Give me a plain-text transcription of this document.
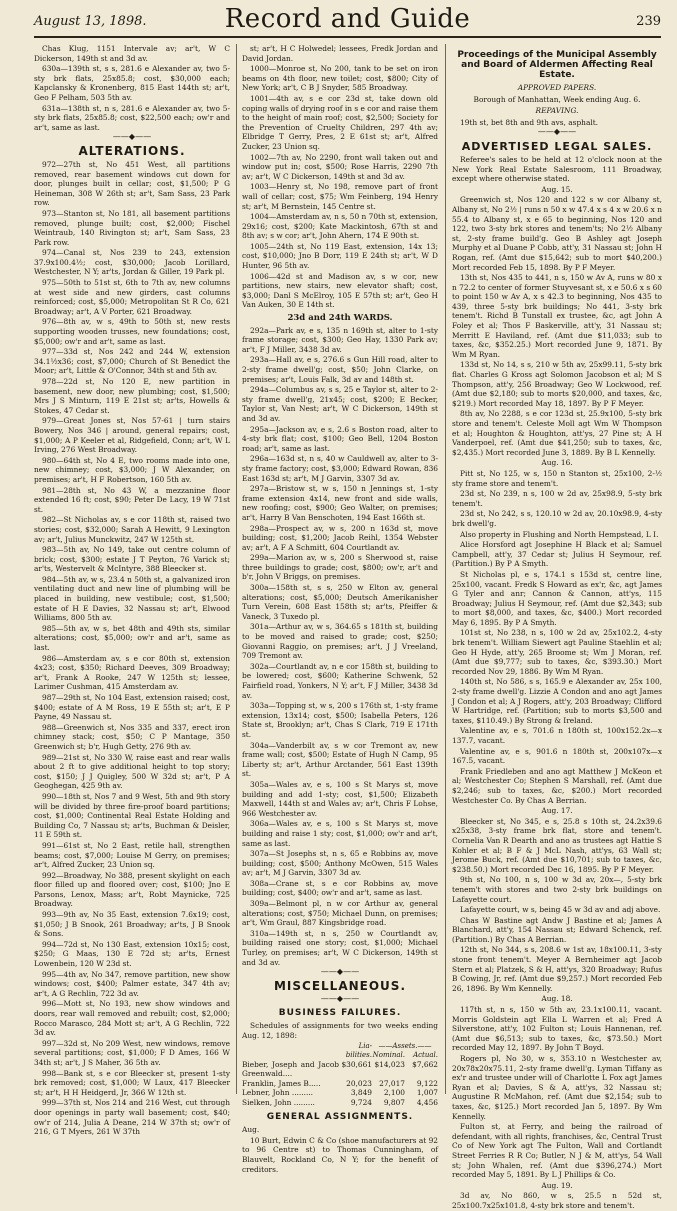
August 13, 1898.	Record and Guide	239

Chas Klug, 1151 Intervale av; ar't, W C Dickerson, 149th st and 3d av.

630a—139th st, s s, 281.6 e Alexander av, two 5-sty brk flats, 25x85.8; cost, $30,000 each; Kapclansky & Kronenberg, 815 East 144th st; ar't, Geo F Pelham, 503 5th av.

631a—138th st, n s, 281.6 e Alexander av, two 5-sty brk flats, 25x85.8; cost, $22,500 each; ow'r and ar't, same as last.

——◆——
ALTERATIONS.

972—27th st, No 451 West, all partitions removed, rear basement windows cut down for door, plunges built in cellar; cost, $1,500; P G Heineman, 308 W 26th st; ar't, Sam Sass, 23 Park row.

973—Stanton st, No 181, all basement partitions removed, plunge built; cost, $2,000; Fischel Weintraub, 140 Rivington st; ar't, Sam Sass, 23 Park row.

974—Canal st, Nos 239 to 243, extension 37.9x100.4½; cost, $30,000; Jacob Lorillard, Westchester, N Y; ar'ts, Jordan & Giller, 19 Park pl.

975—50th to 51st st, 6th to 7th av, new columns at west side and new girders, cast columns reinforced; cost, $5,000; Metropolitan St R Co, 621 Broadway; ar't, A V Porter, 621 Broadway.

976—8th av, w s, 49th to 50th st, new rests supporting wooden trusses, new foundations; cost, $5,000; ow'r and ar't, same as last.

977—33d st, Nos 242 and 244 W, extension 34.1½x36; cost, $7,000; Church of St Benedict the Moor; ar't, Little & O'Connor, 34th st and 5th av.

978—22d st, No 120 E, new partition in basement, new door, new plumbing; cost, $1,500; Mrs J S Minturn, 119 E 21st st; ar'ts, Howells & Stokes, 47 Cedar st.

979—Great Jones st, Nos 57-61 | turn stairs Bowery, Nos 346 | around, general repairs; cost, $1,000; A P Keeler et al, Ridgefield, Conn; ar't, W L Irving, 276 West Broadway.

980—64th st, No 4 E, two rooms made into one, new chimney; cost, $3,000; J W Alexander, on premises; ar't, H F Robertson, 160 5th av.

981—28th st, No 43 W, a mezzanine floor extended 16 ft; cost, $90; Peter De Lacy, 19 W 71st st.

982—St Nicholas av, s e cor 118th st, raised two stories; cost, $32,000; Sarah A Hewitt, 9 Lexington av; ar't, Julius Munckwitz, 247 W 125th st.

983—5th av, No 149, take out centre column of brick; cost, $300; estate J T Peyton, 76 Varick st; ar'ts, Westervelt & McIntyre, 388 Bleecker st.

984—5th av, w s, 23.4 n 50th st, a galvanized iron ventilating duct and new line of plumbing will be placed in building, new vestibule; cost, $1,500; estate of H E Davies, 32 Nassau st; ar't, Elwood Williams, 800 5th av.

985—5th av, w s, bet 48th and 49th sts, similar alterations; cost, $5,000; ow'r and ar't, same as last.

986—Amsterdam av, s e cor 80th st, extension 4x23; cost, $350; Richard Deeves, 309 Broadway; ar't, Frank A Rooke, 247 W 125th st; lessee, Larimer Cushman, 415 Amsterdam av.

987—29th st, No 104 East, extension raised; cost, $400; estate of A M Ross, 19 E 55th st; ar't, E P Payne, 49 Nassau st.

988—Greenwich st, Nos 335 and 337, erect iron chimney stack; cost, $50; C P Mantage, 350 Greenwich st; b'r, Hugh Getty, 276 9th av.

989—21st st, No 330 W, raise east and rear walls about 2 ft to give additional height to top story; cost, $150; J J Quigley, 500 W 32d st; ar't, P A Geoghegan, 425 9th av.

990—18th st, Nos 7 and 9 West, 5th and 9th story will be divided by three fire-proof board partitions; cost, $1,000; Continental Real Estate Holding and Building Co, 7 Nassau st; ar'ts, Buchman & Deisler, 11 E 59th st.

991—61st st, No 2 East, retile hall, strengthen beams; cost, $7,000; Louise M Gerry, on premises; ar't, Alfred Zucker, 23 Union sq.

992—Broadway, No 388, present skylight on each floor filled up and floored over; cost, $100; Jno E Parsons, Lenox, Mass; ar't, Robt Maynicke, 725 Broadway.

993—9th av, No 35 East, extension 7.6x19; cost, $1,050; J B Snook, 261 Broadway; ar'ts, J B Snook & Sons.

994—72d st, No 130 East, extension 10x15; cost, $250; G Maas, 130 E 72d st; ar'ts, Ernest Lowenbein, 120 W 23d st.

995—4th av, No 347, remove partition, new show windows; cost, $400; Palmer estate, 347 4th av; ar't, A G Rechlin, 722 3d av.

996—Mott st, No 193, new show windows and doors, rear wall removed and rebuilt; cost, $2,000; Rocco Marasco, 284 Mott st; ar't, A G Rechlin, 722 3d av.

997—32d st, No 209 West, new windows, remove several partitions; cost, $1,000; F D Ames, 166 W 34th st; ar't, J S Maher, 36 5th av.

998—Bank st, s e cor Bleecker st, present 1-sty brk removed; cost, $1,000; W Laux, 417 Bleecker st; ar't, H H Heidgerd, Jr, 366 W 12th st.

999—37th st, Nos 214 and 216 West, cut through door openings in party wall basement; cost, $40; ow'r of 214, Julia A Deane, 214 W 37th st; ow'r of 216, G T Myers, 261 W 37th

st; ar't, H C Holwedel; lessees, Fredk Jordan and David Jordan.

1000—Monroe st, No 200, tank to be set on iron beams on 4th floor, new toilet; cost, $800; City of New York; ar't, C B J Snyder, 585 Broadway.

1001—4th av, s e cor 23d st, take down old coping walls of drying roof in s e cor and raise them to the height of main roof; cost, $2,500; Society for the Prevention of Cruelty Children, 297 4th av; Elbridge T Gerry, Pres, 2 E 61st st; ar't, Alfred Zucker, 23 Union sq.

1002—7th av, No 2290, front wall taken out and window put in; cost, $500; Rose Harris, 2290 7th av; ar't, W C Dickerson, 149th st and 3d av.

1003—Henry st, No 198, remove part of front wall of cellar; cost, $75; Wm Feinberg, 194 Henry st; ar't, M Bernstein, 145 Centre st.

1004—Amsterdam av, n s, 50 n 70th st, extension, 29x16; cost, $200; Kate Mackintosh, 67th st and 8th av; s w cor; ar't, John Ahern, 174 E 90th st.

1005—24th st, No 119 East, extension, 14x 13; cost, $10,000; Jno B Dorr, 119 E 24th st; ar't, W D Hunter, 96 5th av.

1006—42d st and Madison av, s w cor, new partitions, new stairs, new elevator shaft; cost, $3,000; Danl S McElroy, 105 E 57th st; ar't, Geo H Van Auken, 30 E 14th st.

23d and 24th WARDS.

292a—Park av, e s, 135 n 169th st, alter to 1-sty frame storage; cost, $300; Geo Hay, 1330 Park av; ar't, F J Miller, 3438 3d av.

293a—Hall av, e s, 276.6 s Gun Hill road, alter to 2-sty frame dwell'g; cost, $50; John Clarke, on premises; ar't, Louis Falk, 3d av and 148th st.

294a—Columbus av, s s, 25 e Taylor st, alter to 2-sty frame dwell'g, 21x45; cost, $200; E Becker, Taylor st, Van Nest; ar't, W C Dickerson, 149th st and 3d av.

295a—Jackson av, e s, 2.6 s Boston road, alter to 4-sty brk flat; cost, $100; Geo Bell, 1204 Boston road; ar't, same as last.

296a—163d st, n s, 40 w Cauldwell av, alter to 3-sty frame factory; cost, $3,000; Edward Rowan, 836 East 163d st; ar't, M J Garvin, 3307 3d av.

297a—Bristow st, w s, 150 n Jennings st, 1-sty frame extension 4x14, new front and side walls, new roofing; cost, $900; Geo Walter, on premises; ar't, Harry B Van Benschoten, 194 East 166th st.

298a—Prospect av, w s, 200 n 163d st, move building; cost, $1,200; Jacob Reihl, 1354 Webster av; ar't, A F A Schmitt, 604 Courtlandt av.

299a—Marion av, w s, 200 s Sherwood st, raise three buildings to grade; cost, $800; ow'r, ar't and b'r, John V Briggs, on premises.

300a—158th st, s s, 250 w Elton av, general alterations; cost, $5,000; Deutsch Amerikanisher Turn Verein, 608 East 158th st; ar'ts, Pfeiffer & Vaneck, 3 Tuxedo pl.

301a—Arthur av, w s, 364.65 s 181th st, building to be moved and raised to grade; cost, $250; Giovanni Raggio, on premises; ar't, J J Vreeland, 709 Tremont av.

302a—Courtlandt av, n e cor 158th st, building to be lowered; cost, $600; Katherine Schwenk, 52 Fairfield road, Yonkers, N Y; ar't, F J Miller, 3438 3d av.

303a—Topping st, w s, 200 s 176th st, 1-sty frame extension, 13x14; cost, $500; Isabella Peters, 126 State st, Brooklyn; ar't, Chas S Clark, 719 E 171th st.

304a—Vanderbilt av, s w cor Tremont av, new frame wall; cost, $500; Estate of Hugh N Camp, 95 Liberty st; ar't, Arthur Arctander, 561 East 139th st.

305a—Wales av, e s, 100 s St Marys st, move building and add 1-sty; cost, $1,500; Elizabeth Maxwell, 144th st and Wales av; ar't, Chris F Lohse, 966 Westchester av.

306a—Wales av, e s, 100 s St Marys st, move building and raise 1 sty; cost, $1,000; ow'r and ar't, same as last.

307a—St Josephs st, n s, 65 e Robbins av, move building; cost, $500; Anthony McOwen, 515 Wales av; ar't, M J Garvin, 3307 3d av.

308a—Crane st, s e cor Robbins av, move building; cost, $400; ow'r and ar't, same as last.

309a—Belmont pl, n w cor Arthur av, general alterations; cost, $750; Michael Dunn, on premises; ar't, Wm Graul, 887 Kingsbridge road.

310a—149th st, n s, 250 w Courtlandt av, building raised one story; cost, $1,000; Michael Turley, on premises; ar't, W C Dickerson, 149th st and 3d av.

——◆——
MISCELLANEOUS.
——◆——
BUSINESS FAILURES.

Schedules of assignments for two weeks ending Aug. 12, 1898:

Lia- ——Assets.——
bilities. Nominal.	Actual.
Bieber, Joseph and Jacob Greenwald....
$30,661 $14,023 $7,662
Franklin, James B.....	20,023 27,017	9,122
Lebner, John .........	3,849	2,100	1,007
Sielken, John .........	9,724	9,807	4,456
GENERAL ASSIGNMENTS.

Aug.

10 Burt, Edwin C & Co (shoe manufacturers at 92 to 96 Centre st) to Thomas Cunningham, of Blauvelt, Rockland Co, N Y; for the benefit of creditors.

Proceedings of the Municipal Assembly and Board of Aldermen Affecting Real Estate.
APPROVED PAPERS.

Borough of Manhattan, Week ending Aug. 6.

REPAVING.

19th st, bet 8th and 9th avs, asphalt.

——◆——
ADVERTISED LEGAL SALES.

Referee's sales to be held at 12 o'clock noon at the New York Real Estate Salesroom, 111 Broadway, except where otherwise stated.

Aug. 15.

Greenwich st, Nos 120 and 122 s w cor Albany st, Albany st, No 2½ | runs n 50 x w 47.4 x s 4 x w 20.6 x n 55.4 to Albany st, x e 65 to beginning, Nos 120 and 122, two 3-sty brk stores and tenem'ts; No 2½ Albany st, 2-sty frame build'g. Geo B Ashley agt Joseph Murphy et al Duane P Cobb, att'y, 31 Nassau st; John H Rogan, ref. (Amt due $15,642; sub to mort $40,200.) Mort recorded Feb 15, 1898. By P F Meyer.

13th st, Nos 435 to 441, n s, 150 w Av A, runs w 80 x n 72.2 to center of former Stuyvesant st, x e 50.6 x s 60 to point 150 w Av A, x s 42.3 to beginning, Nos 435 to 439, three 5-sty brk buildings; No 441, 3-sty brk tenem't. Richd B Tunstall ex trustee, &c, agt John A Foley et al; Thos F Baskerville, att'y, 31 Nassau st; Merritt E Haviland, ref. (Amt due $11,033; sub to taxes, &c, $352.25.) Mort recorded June 9, 1871. By Wm M Ryan.

133d st, No 14, s s, 210 w 5th av, 25x99.11, 5-sty brk flat. Charles G Kross agt Solomon Jacobson et al; M S Thompson, att'y, 256 Broadway; Geo W Lockwood, ref. (Amt due $2,180; sub to morts $20,000, and taxes, &c, $219.) Mort recorded May 18, 1897. By P F Meyer.

8th av, No 2288, s e cor 123d st, 25.9x100, 5-sty brk store and tenem't. Celeste Moll agt Wm W Thompson et al; Houghton & Houghton, att'ys, 27 Pine st; A H Vanderpoel, ref. (Amt due $41,250; sub to taxes, &c, $2,435.) Mort recorded June 3, 1889. By B L Kennelly.

Aug. 16.

Pitt st, No 125, w s, 150 n Stanton st, 25x100, 2-½ sty frame store and tenem't.

23d st, No 239, n s, 100 w 2d av, 25x98.9, 5-sty brk tenem't.

23d st, No 242, s s, 120.10 w 2d av, 20.10x98.9, 4-sty brk dwell'g.

Also property in Flushing and North Hempstead, L I.

Alice Horsford agt Josephine H Black et al; Samuel Campbell, att'y, 37 Cedar st; Julius H Seymour, ref. (Partition.) By P A Smyth.

St Nicholas pl, e s, 174.1 s 153d st, centre line, 25x100, vacant. Fredk S Howard as ex'r, &c, agt James G Tyler and anr; Cannon & Cannon, att'ys, 115 Broadway; Julius H Seymour, ref. (Amt due $2,343; sub to mort $8,000, and taxes, &c, $400.) Mort recorded May 6, 1895. By P A Smyth.

101st st, No 238, n s, 100 w 2d av, 25x102.2, 4-sty brk tenem't. William Siewert agt Pauline Staehlin et al; Geo H Hyde, att'y, 265 Broome st; Wm J Moran, ref. (Amt due $9,777; sub to taxes, &c, $393.30.) Mort recorded Nov 29, 1886. By Wm M Ryan.

140th st, No 586, s s, 165.9 e Alexander av, 25x 100, 2-sty frame dwell'g. Lizzie A Condon and ano agt James J Condon et al; A J Rogers, att'y, 203 Broadway; Clifford W Hartridge, ref. (Partition; sub to morts $3,500 and taxes, $110.49.) By Strong & Ireland.

Valentine av, e s, 701.6 n 180th st, 100x152.2x—x 137.7, vacant.

Valentine av, e s, 901.6 n 180th st, 200x107x—x 167.5, vacant.

Frank Friedleben and ano agt Matthew J McKeon et al; Westchester Co; Stephen S Marshall, ref. (Amt due $2,246; sub to taxes, &c, $200.) Mort recorded Westchester Co. By Chas A Berrian.

Aug. 17.

Bleecker st, No 345, e s, 25.8 s 10th st, 24.2x39.6 x25x38, 3-sty frame brk flat, store and tenem't. Cornelia Van R Dearth and ano as trustees agt Hattie S Kohler et al; B F & J McL Nash, att'ys, 63 Wall st; Jerome Buck, ref. (Amt due $10,701; sub to taxes, &c, $238.50.) Mort recorded Dec 16, 1895. By P F Meyer.

9th st, No 100, n s, 100 w 3d av, 20x—, 5-sty brk tenem't with stores and two 2-sty brk buildings on Lafayette court.

Lafayette court, w s, being 45 w 3d av and adj above.

Chas W Bastine agt Andw J Bastine et al; James A Blanchard, att'y, 154 Nassau st; Edward Schenck, ref. (Partition.) By Chas A Berrian.

12th st, No 344, s s, 208.6 w 1st av, 18x100.11, 3-sty stone front tenem't. Meyer A Bernheimer agt Jacob Stern et al; Platzek, S & H, att'ys, 320 Broadway; Rufus B Cowing, Jr, ref. (Amt due $9,257.) Mort recorded Feb 26, 1896. By Wm Kennelly.

Aug. 18.

117th st, n s, 150 w 5th av, 23.1x100.11, vacant. Morris Goldstein agt Ella L Warren et al; Fred A Silverstone, att'y, 102 Fulton st; Louis Hannenan, ref. (Amt due $6,513; sub to taxes, &c, $73.50.) Mort recorded May 12, 1897. By John T Boyd.

Rogers pl, No 30, w s, 353.10 n Westchester av, 20x78x20x75.11, 2-sty frame dwell'g. Lyman Tiffany as ex'r and trustee under will of Charlotte L Fox agt James Ryan et al; Davies, S & A, att'ys, 32 Nassau st; Augustine R McMahon, ref. (Amt due $2,154; sub to taxes, &c, $125.) Mort recorded Jan 5, 1897. By Wm Kennelly.

Fulton st, at Ferry, and being the railroad of defendant, with all rights, franchises, &c, Central Trust Co of New York agt The Fulton, Wall and Cortlandt Street Ferries R R Co; Butler, N J & M, att'ys, 54 Wall st; John Whalen, ref. (Amt due $396,274.) Mort recorded May 5, 1891. By L J Phillips & Co.

Aug. 19.

3d av, No 860, w s, 25.5 n 52d st, 25x100.7x25x101.8, 4-sty brk store and tenem't.
